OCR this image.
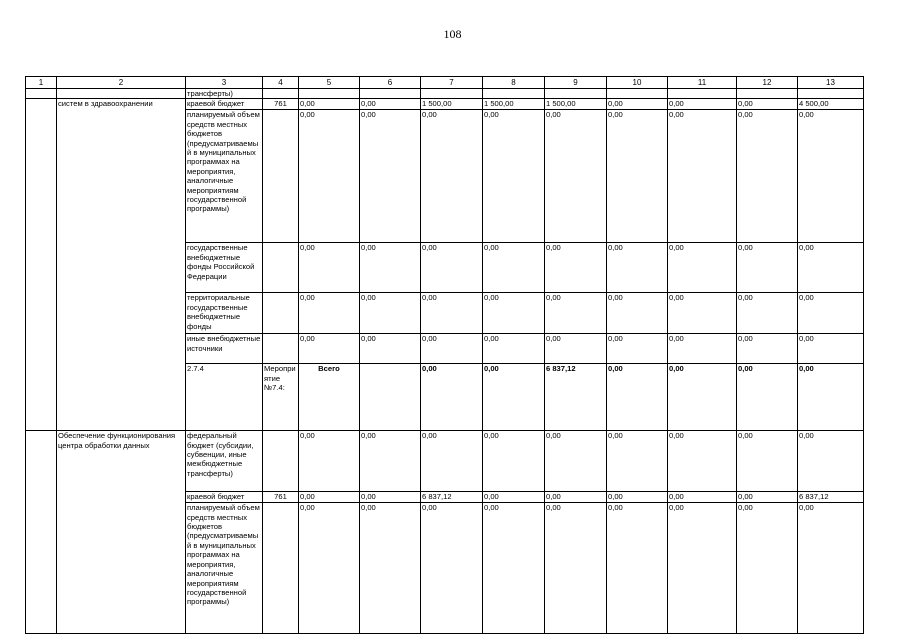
108
1	2	3	4	5	6	7	8	9	10	11	12	13	
		трансферты)											
	систем в здравоохранении	краевой бюджет	761	0,00	0,00	1 500,00	1 500,00	1 500,00	0,00	0,00	0,00	4 500,00	
		планируемый объем средств местных бюджетов (предусматриваемый в муниципальных программах на мероприятия, аналогичные мероприятиям государственной программы)		0,00	0,00	0,00	0,00	0,00	0,00	0,00	0,00	0,00	
		государственные внебюджетные фонды Российской Федерации		0,00	0,00	0,00	0,00	0,00	0,00	0,00	0,00	0,00	
		территориальные государственные внебюджетные фонды		0,00	0,00	0,00	0,00	0,00	0,00	0,00	0,00	0,00	
		иные внебюджетные источники		0,00	0,00	0,00	0,00	0,00	0,00	0,00	0,00	0,00	
		2.7.4	Мероприятие №7.4:	Всего		0,00	0,00	6 837,12	0,00	0,00	0,00	0,00		
	Обеспечение функционирования центра обработки данных	федеральный бюджет (субсидии, субвенции, иные межбюджетные трансферты)		0,00	0,00	0,00	0,00	0,00	0,00	0,00	0,00	0,00	
		краевой бюджет	761	0,00	0,00	6 837,12	0,00	0,00	0,00	0,00	0,00	6 837,12	
		планируемый объем средств местных бюджетов (предусматриваемый в муниципальных программах на мероприятия, аналогичные мероприятиям государственной программы)		0,00	0,00	0,00	0,00	0,00	0,00	0,00	0,00	0,00	
